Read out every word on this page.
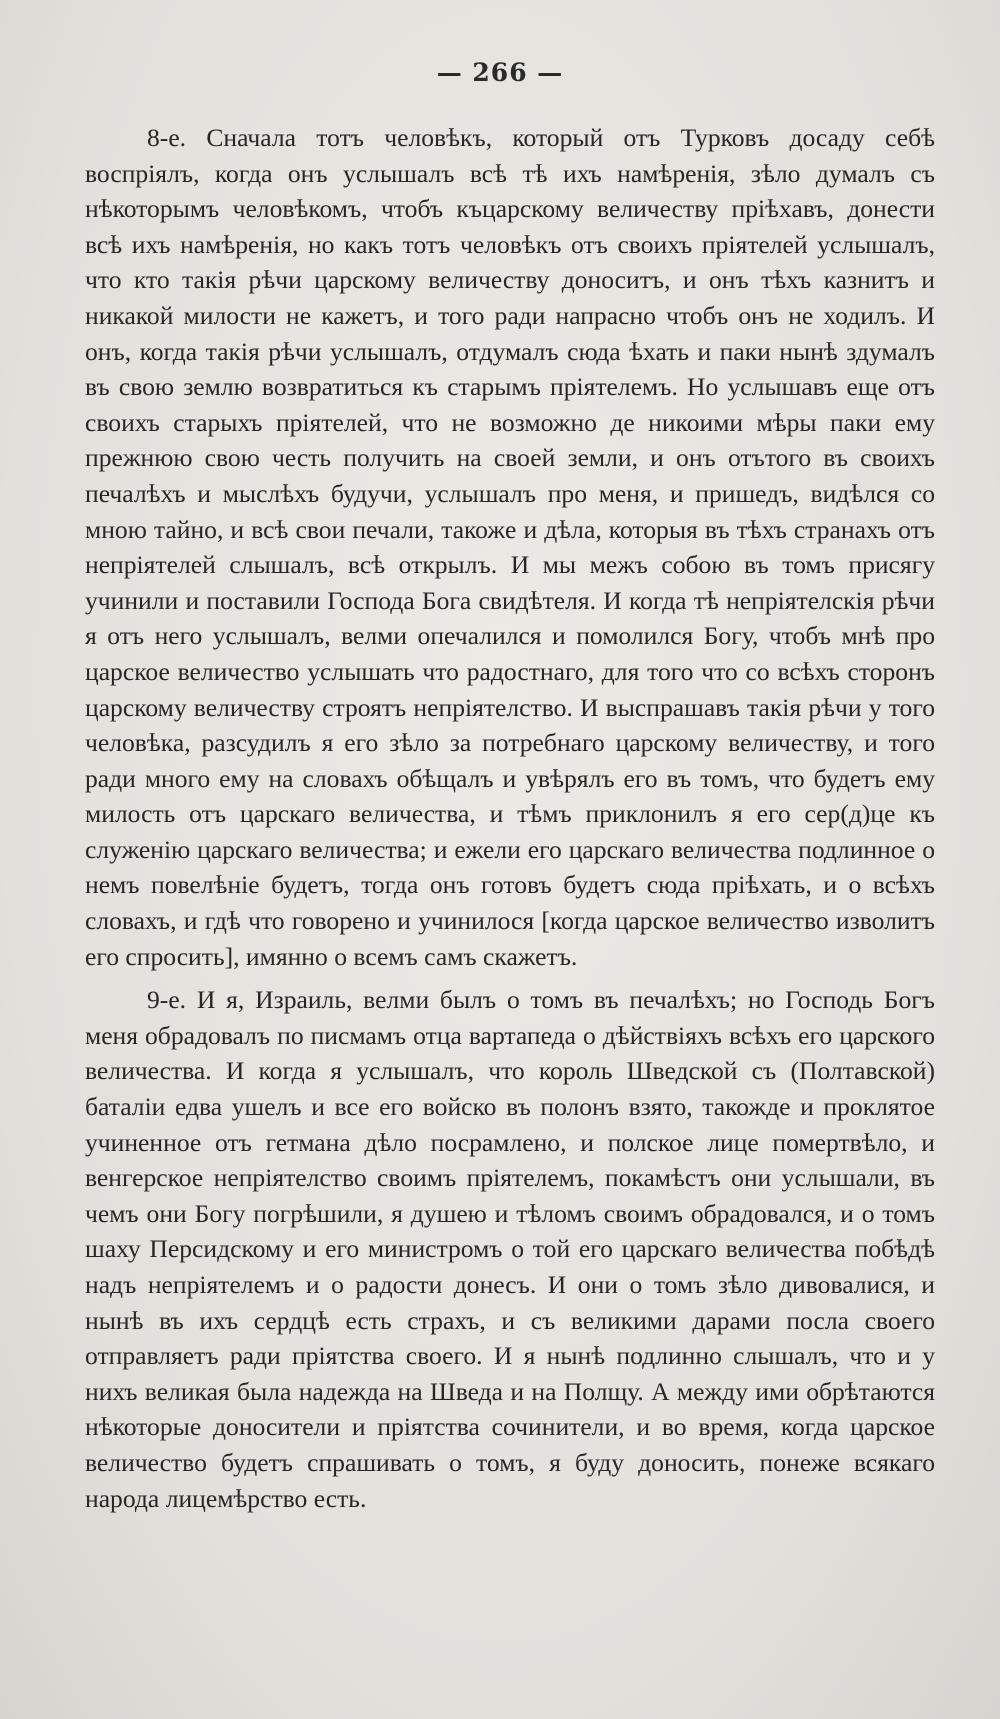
— 266 —

8-е. Сначала тотъ человѣкъ, который отъ Турковъ досаду себѣ воспріялъ, когда онъ услышалъ всѣ тѣ ихъ намѣренія, зѣло думалъ съ нѣкоторымъ человѣкомъ, чтобъ къцарскому величеству пріѣхавъ, донести всѣ ихъ намѣренія, но какъ тотъ человѣкъ отъ своихъ пріятелей услышалъ, что кто такія рѣчи царскому величеству доноситъ, и онъ тѣхъ казнитъ и никакой милости не кажетъ, и того ради напрасно чтобъ онъ не ходилъ. И онъ, когда такія рѣчи услышалъ, отдумалъ сюда ѣхать и паки нынѣ здумалъ въ свою землю возвратиться къ старымъ пріятелемъ. Но услышавъ еще отъ своихъ старыхъ пріятелей, что не возможно де никоими мѣры паки ему прежнюю свою честь получить на своей земли, и онъ отътого въ своихъ печалѣхъ и мыслѣхъ будучи, услышалъ про меня, и пришедъ, видѣлся со мною тайно, и всѣ свои печали, такожe и дѣла, которыя въ тѣхъ странахъ отъ непріятелей слышалъ, всѣ открылъ. И мы межъ собою въ томъ присягу учинили и поставили Господа Бога свидѣтеля. И когда тѣ непріятелскія рѣчи я отъ него услышалъ, велми опечалился и помолился Богу, чтобъ мнѣ про царское величество услышать что радостнаго, для того что со всѣхъ сторонъ царскому величеству строятъ непріятелство. И выспрашавъ такія рѣчи у того человѣка, разсудилъ я его зѣло за потребнаго царскому величеству, и того ради много ему на словахъ обѣщалъ и увѣрялъ его въ томъ, что будетъ ему милость отъ царскаго величества, и тѣмъ приклонилъ я его сер(д)це къ служенію царскаго величества; и ежели его царскаго величества подлинное о немъ повелѣніе будетъ, тогда онъ готовъ будетъ сюда пріѣхать, и о всѣхъ словахъ, и гдѣ что говорено и учинилося [когда царское величество изволитъ его спросить], имянно о всемъ самъ скажетъ.

9-е. И я, Израиль, велми былъ о томъ въ печалѣхъ; но Господь Богъ меня обрадовалъ по писмамъ отца вартапеда о дѣйствіяхъ всѣхъ его царского величества. И когда я услышалъ, что король Шведской съ (Полтавской) баталіи едва ушелъ и все его войско въ полонъ взято, такожде и проклятое учиненное отъ гетмана дѣло посрамлено, и полское лице помертвѣло, и венгерское непріятелство своимъ пріятелемъ, покамѣстъ они услышали, въ чемъ они Богу погрѣшили, я душею и тѣломъ своимъ обрадовался, и о томъ шаху Персидскому и его министромъ о той его царскаго величества побѣдѣ надъ непріятелемъ и о радости донесъ. И они о томъ зѣло дивовалися, и нынѣ въ ихъ сердцѣ есть страхъ, и съ великими дарами посла своего отправляетъ ради пріятства своего. И я нынѣ подлинно слышалъ, что и у нихъ великая была надежда на Шведа и на Полщу. А между ими обрѣтаются нѣкоторые доносители и пріятства сочинители, и во время, когда царское величество будетъ спрашивать о томъ, я буду доносить, понеже всякаго народа лицемѣрство есть.
